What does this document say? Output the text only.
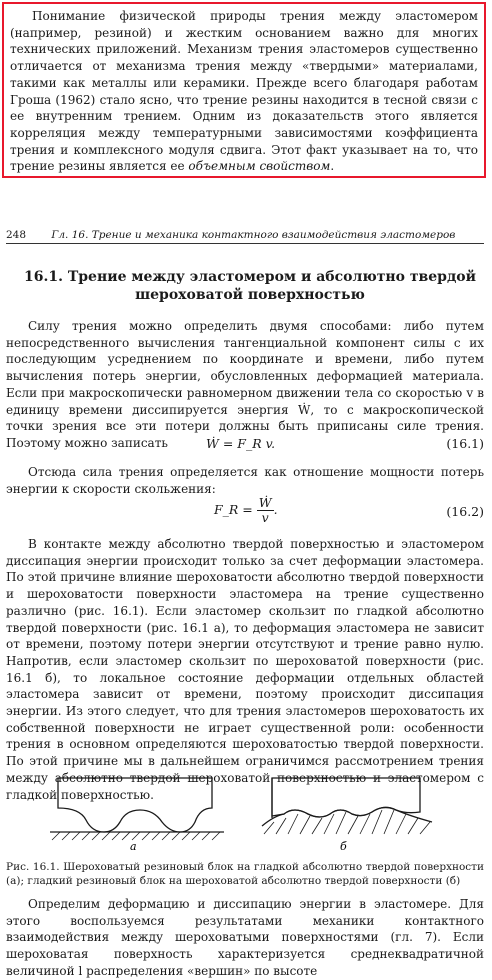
Понимание физической природы трения между эластомером (например, резиной) и жестким основанием важно для многих технических приложений. Механизм трения эластомеров существенно отличается от механизма трения между «твердыми» материалами, такими как металлы или керамики. Прежде всего благодаря работам Гроша (1962) стало ясно, что трение резины находится в тесной связи с ее внутренним трением. Одним из доказательств этого является корреляция между температурными зависимостями коэффициента трения и комплексного модуля сдвига. Этот факт указывает на то, что трение резины является ее объемным свойством.

248 Гл. 16. Трение и механика контактного взаимодействия эластомеров
16.1. Трение между эластомером и абсолютно твердой
шероховатой поверхностью

Силу трения можно определить двумя способами: либо путем непосредственного вычисления тангенциальной компонент силы с их последующим усреднением по координате и времени, либо путем вычисления потерь энергии, обусловленных деформацией материала. Если при макроскопически равномерном движении тела со скоростью v в единицу времени диссипируется энергия Ẇ, то с макроскопической точки зрения все эти потери должны быть приписаны силе трения. Поэтому можно записать	Ẇ = F_R v.	(16.1)

Отсюда сила трения определяется как отношение мощности потерь энергии к скорости скольжения:

F_R = $\frac{\text{Ẇ}}{v}$ .	(16.2)

В контакте между абсолютно твердой поверхностью и эластомером диссипация энергии происходит только за счет деформации эластомера. По этой причине влияние шероховатости абсолютно твердой поверхности и шероховатости поверхности эластомера на трение существенно различно (рис. 16.1). Если эластомер скользит по гладкой абсолютно твердой поверхности (рис. 16.1 а), то деформация эластомера не зависит от времени, поэтому потери энергии отсутствуют и трение равно нулю. Напротив, если эластомер скользит по шероховатой поверхности (рис. 16.1 б), то локальное состояние деформации отдельных областей эластомера зависит от времени, поэтому происходит диссипация энергии. Из этого следует, что для трения эластомеров шероховатость их собственной поверхности не играет существенной роли: особенности трения в основном определяются шероховатостью твердой поверхности. По этой причине мы в дальнейшем ограничимся рассмотрением трения между абсолютно твердой шероховатой поверхностью и эластомером с гладкой поверхностью.

а	б
Рис. 16.1. Шероховатый резиновый блок на гладкой абсолютно твердой поверхности (а); гладкий резиновый блок на шероховатой абсолютно твердой поверхности (б)

Определим деформацию и диссипацию энергии в эластомере. Для этого воспользуемся результатами механики контактного взаимодействия между шероховатыми поверхностями (гл. 7). Если шероховатая поверхность характеризуется среднеквадратичной величиной l распределения «вершин» по высоте
